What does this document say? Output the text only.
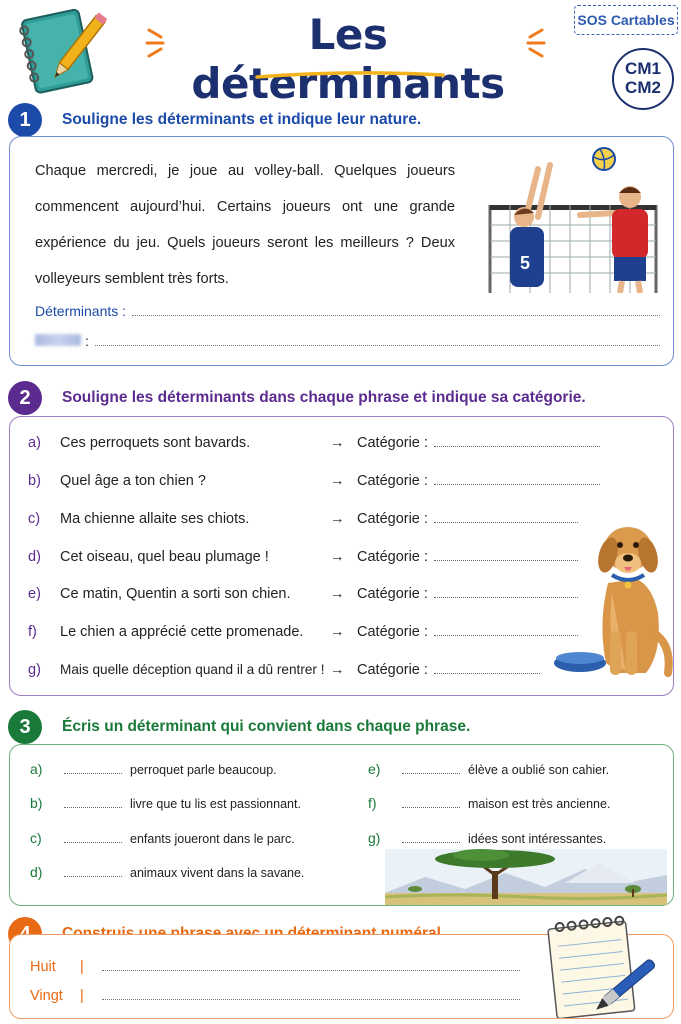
Les déterminants
SOS Cartables
CM1
CM2
1	Souligne les déterminants et indique leur nature.

Chaque mercredi, je joue au volley-ball. Quelques joueurs commencent aujourd’hui. Certains joueurs ont une grande expérience du jeu. Quels joueurs seront les meilleurs ? Deux volleyeurs semblent très forts.

5
Déterminants :
:
2	Souligne les déterminants dans chaque phrase et indique sa catégorie.
a)	Ces perroquets sont bavards.	→ Catégorie :
b)	Quel âge a ton chien ?	→ Catégorie :
c)	Ma chienne allaite ses chiots.	→ Catégorie :
d)	Cet oiseau, quel beau plumage !	→ Catégorie :
e)	Ce matin, Quentin a sorti son chien.	→ Catégorie :
f)	Le chien a apprécié cette promenade.	→ Catégorie :
g)	Mais quelle déception quand il a dû rentrer ! → Catégorie :
3	Écris un déterminant qui convient dans chaque phrase.
a)	perroquet parle beaucoup.
b)	livre que tu lis est passionnant.
c)	enfants joueront dans le parc.
d)	animaux vivent dans la savane.
e)	élève a oublié son cahier.
f)	maison est très ancienne.
g)	idées sont intéressantes.
Huit	|
Vingt	|
